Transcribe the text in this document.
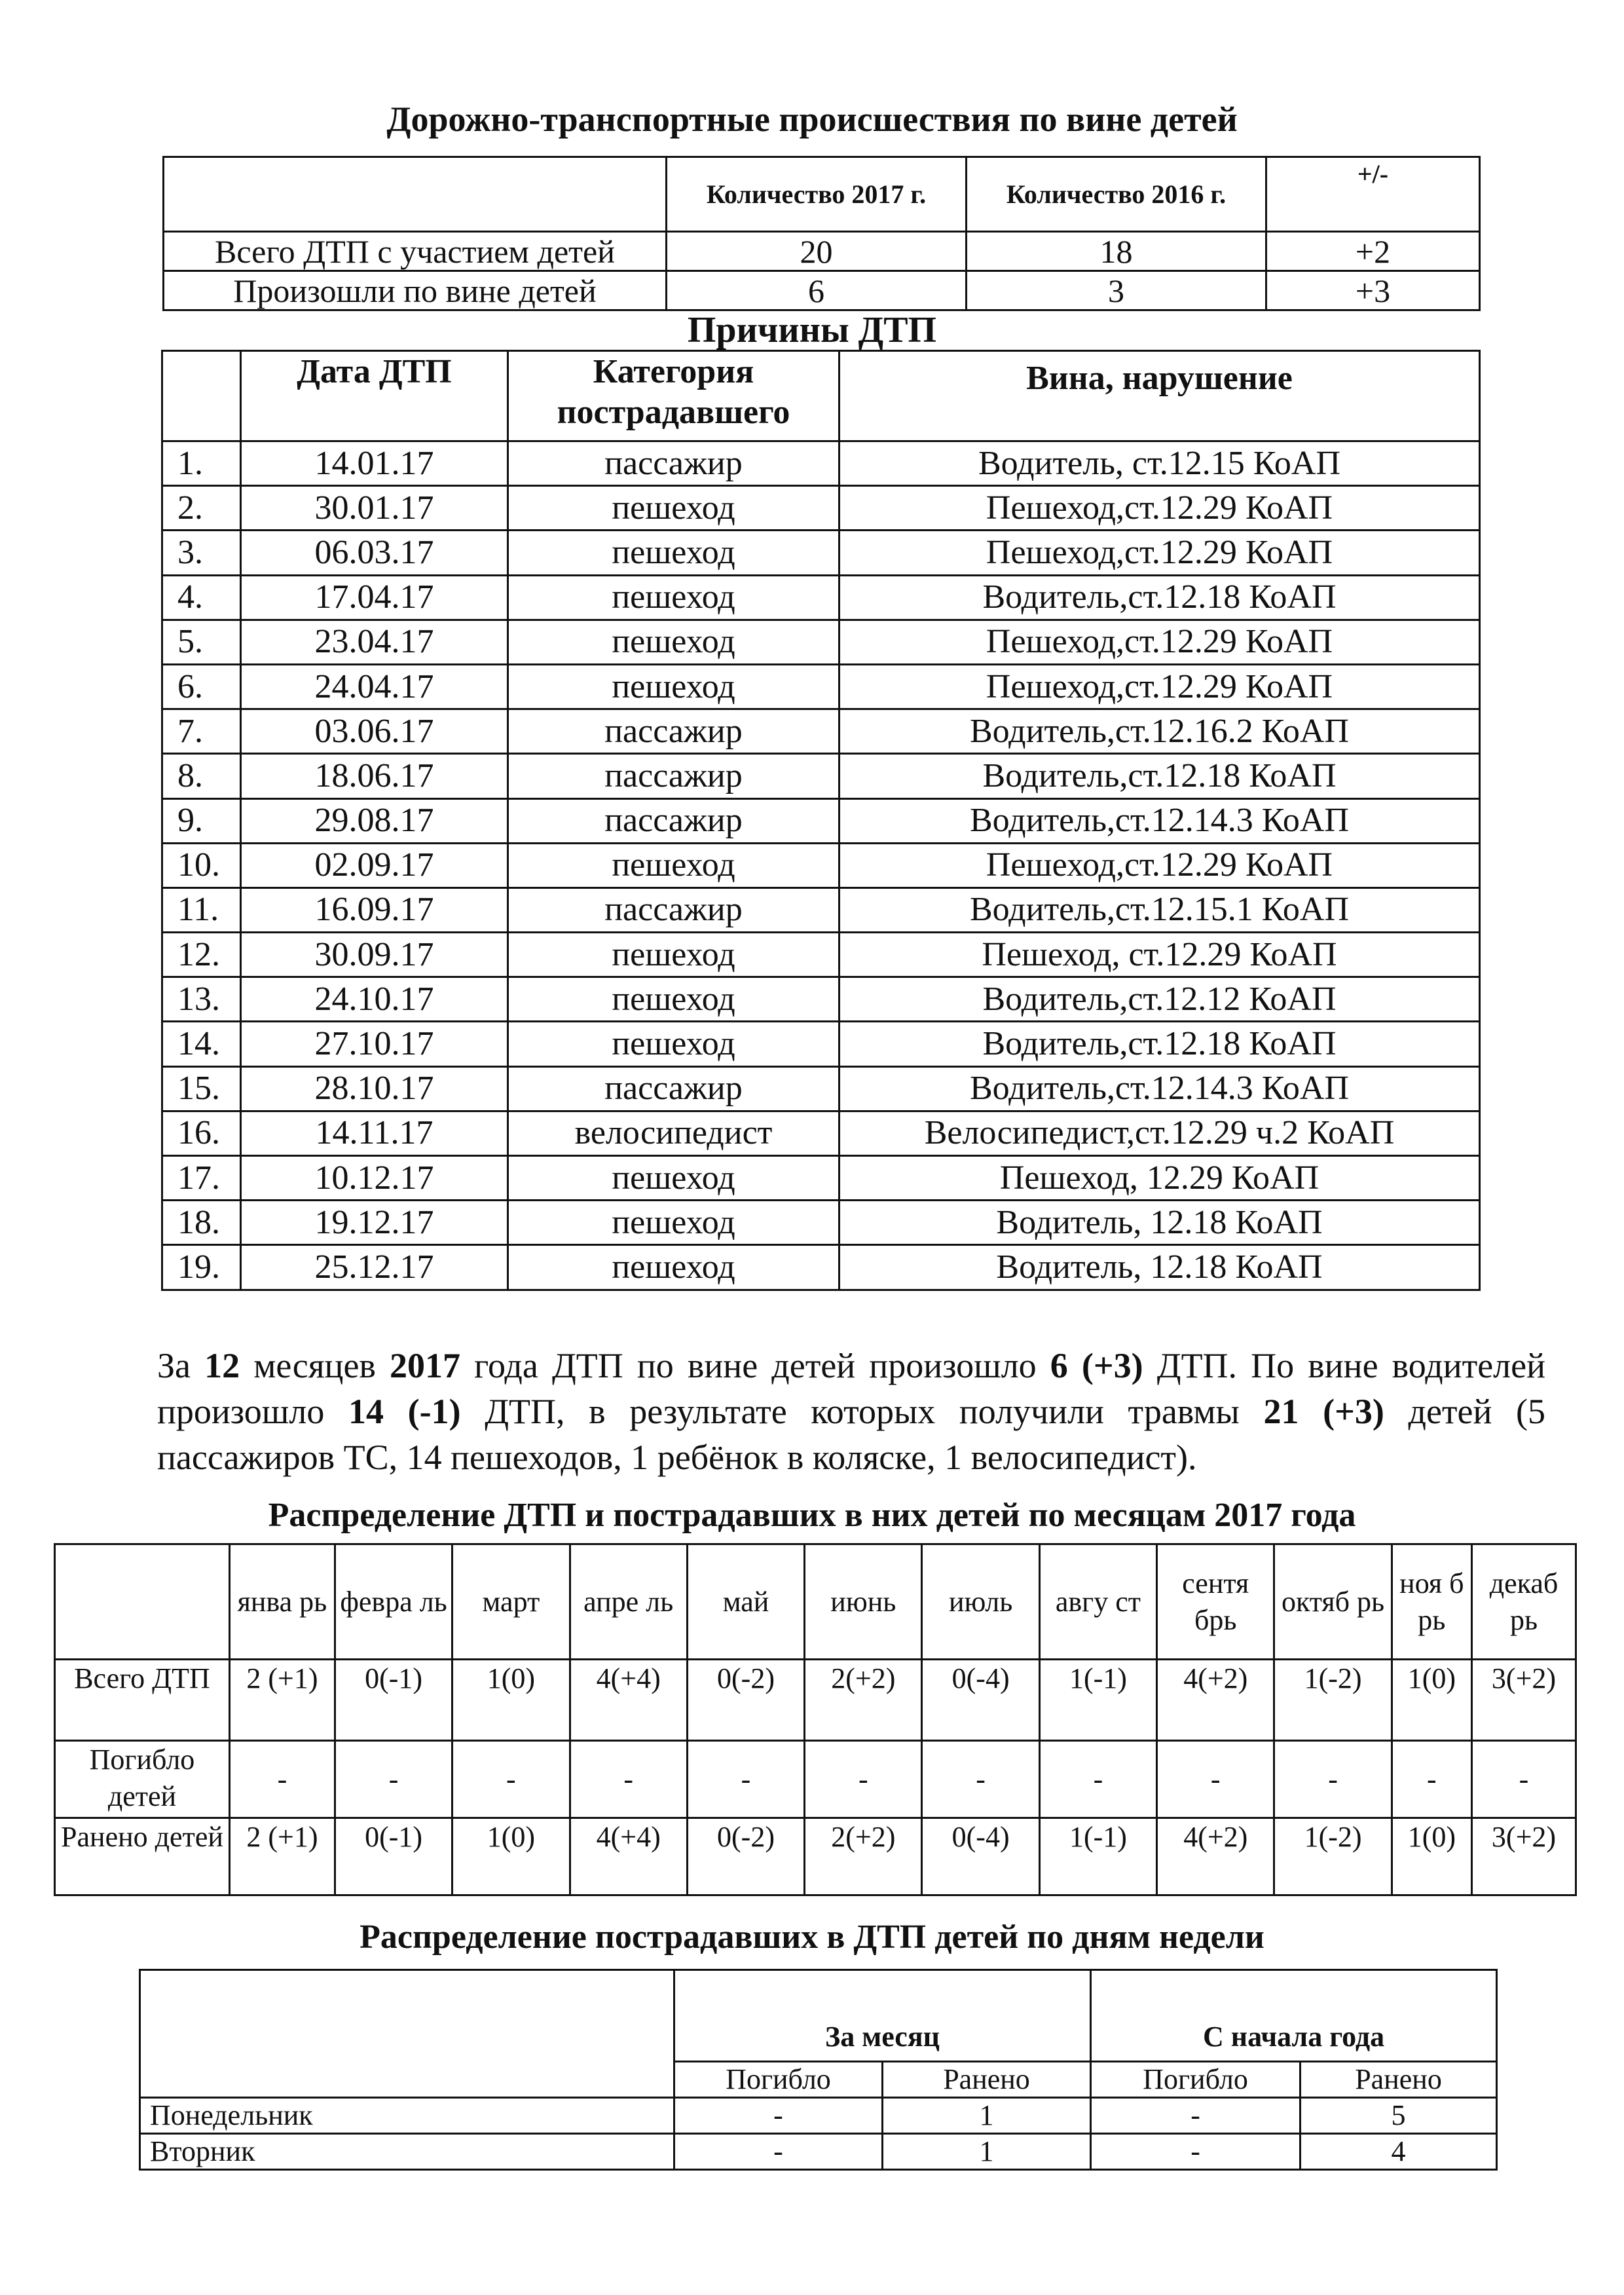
Дорожно-транспортные происшествия по вине детей
	Количество 2017 г.	Количество 2016 г.	+/-
Всего ДТП с участием детей	20	18	+2
Произошли по вине детей	6	3	+3
Причины ДТП
	Дата ДТП	Категория пострадавшего	Вина, нарушение
1.	14.01.17	пассажир	Водитель, ст.12.15 КоАП
2.	30.01.17	пешеход	Пешеход,ст.12.29 КоАП
3.	06.03.17	пешеход	Пешеход,ст.12.29 КоАП
4.	17.04.17	пешеход	Водитель,ст.12.18 КоАП
5.	23.04.17	пешеход	Пешеход,ст.12.29 КоАП
6.	24.04.17	пешеход	Пешеход,ст.12.29 КоАП
7.	03.06.17	пассажир	Водитель,ст.12.16.2 КоАП
8.	18.06.17	пассажир	Водитель,ст.12.18 КоАП
9.	29.08.17	пассажир	Водитель,ст.12.14.3 КоАП
10.	02.09.17	пешеход	Пешеход,ст.12.29 КоАП
11.	16.09.17	пассажир	Водитель,ст.12.15.1 КоАП
12.	30.09.17	пешеход	Пешеход, ст.12.29 КоАП
13.	24.10.17	пешеход	Водитель,ст.12.12 КоАП
14.	27.10.17	пешеход	Водитель,ст.12.18 КоАП
15.	28.10.17	пассажир	Водитель,ст.12.14.3 КоАП
16.	14.11.17	велосипедист	Велосипедист,ст.12.29 ч.2 КоАП
17.	10.12.17	пешеход	Пешеход, 12.29 КоАП
18.	19.12.17	пешеход	Водитель, 12.18 КоАП
19.	25.12.17	пешеход	Водитель, 12.18 КоАП
За 12 месяцев 2017 года ДТП по вине детей произошло 6 (+3) ДТП. По вине водителей произошло 14 (-1) ДТП, в результате которых получили травмы 21 (+3) детей (5 пассажиров ТС, 14 пешеходов, 1 ребёнок в коляске, 1 велосипедист).
Распределение ДТП и пострадавших в них детей по месяцам 2017 года
	янва рь	февра ль	март	апре ль	май	июнь	июль	авгу ст	сентя брь	октяб рь	ноя б рь	декаб рь
Всего ДТП	2 (+1)	0(-1)	1(0)	4(+4)	0(-2)	2(+2)	0(-4)	1(-1)	4(+2)	1(-2)	1(0)	3(+2)
Погибло детей	-	-	-	-	-	-	-	-	-	-	-	-
Ранено детей	2 (+1)	0(-1)	1(0)	4(+4)	0(-2)	2(+2)	0(-4)	1(-1)	4(+2)	1(-2)	1(0)	3(+2)
Распределение пострадавших в ДТП детей по дням недели
	За месяц		С начала года	
	Погибло	Ранено	Погибло	Ранено
Понедельник	-	1	-	5
Вторник	-	1	-	4
